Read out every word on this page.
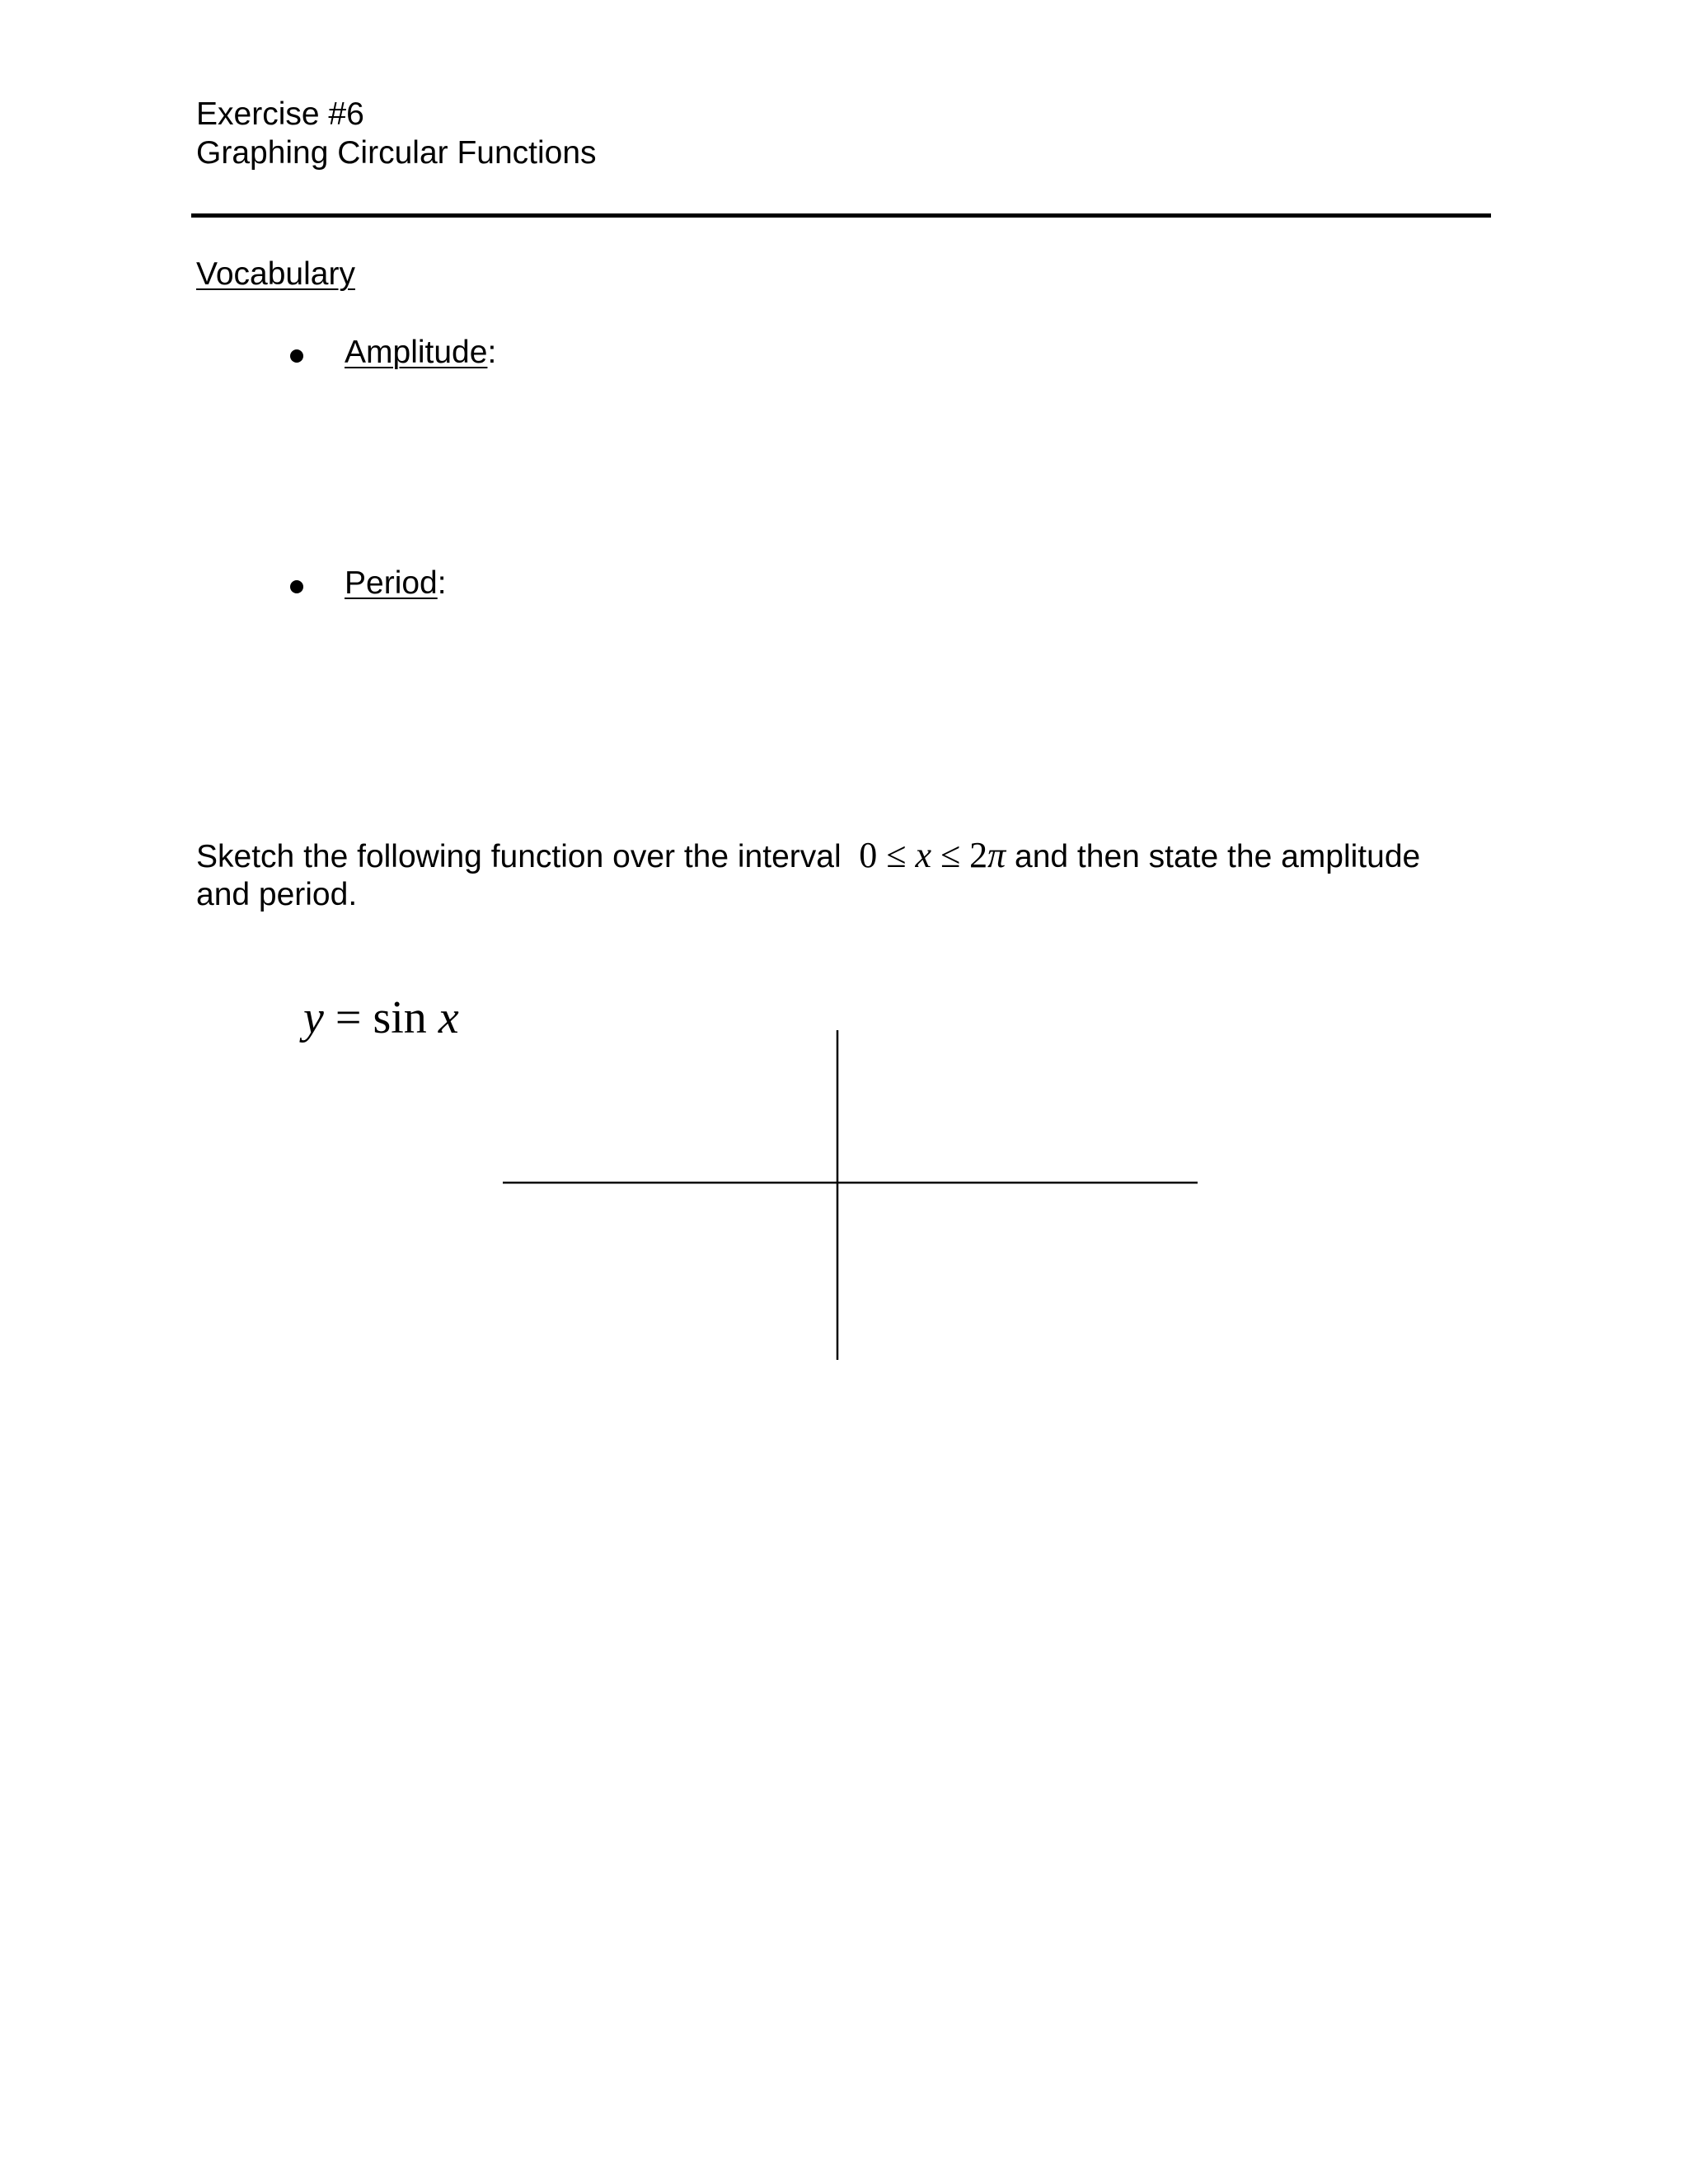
Exercise #6
Graphing Circular Functions
Vocabulary
Amplitude:
Period:
Sketch the following function over the interval 0 ≤ x ≤ 2π and then state the amplitude
and period.
y = sin x
